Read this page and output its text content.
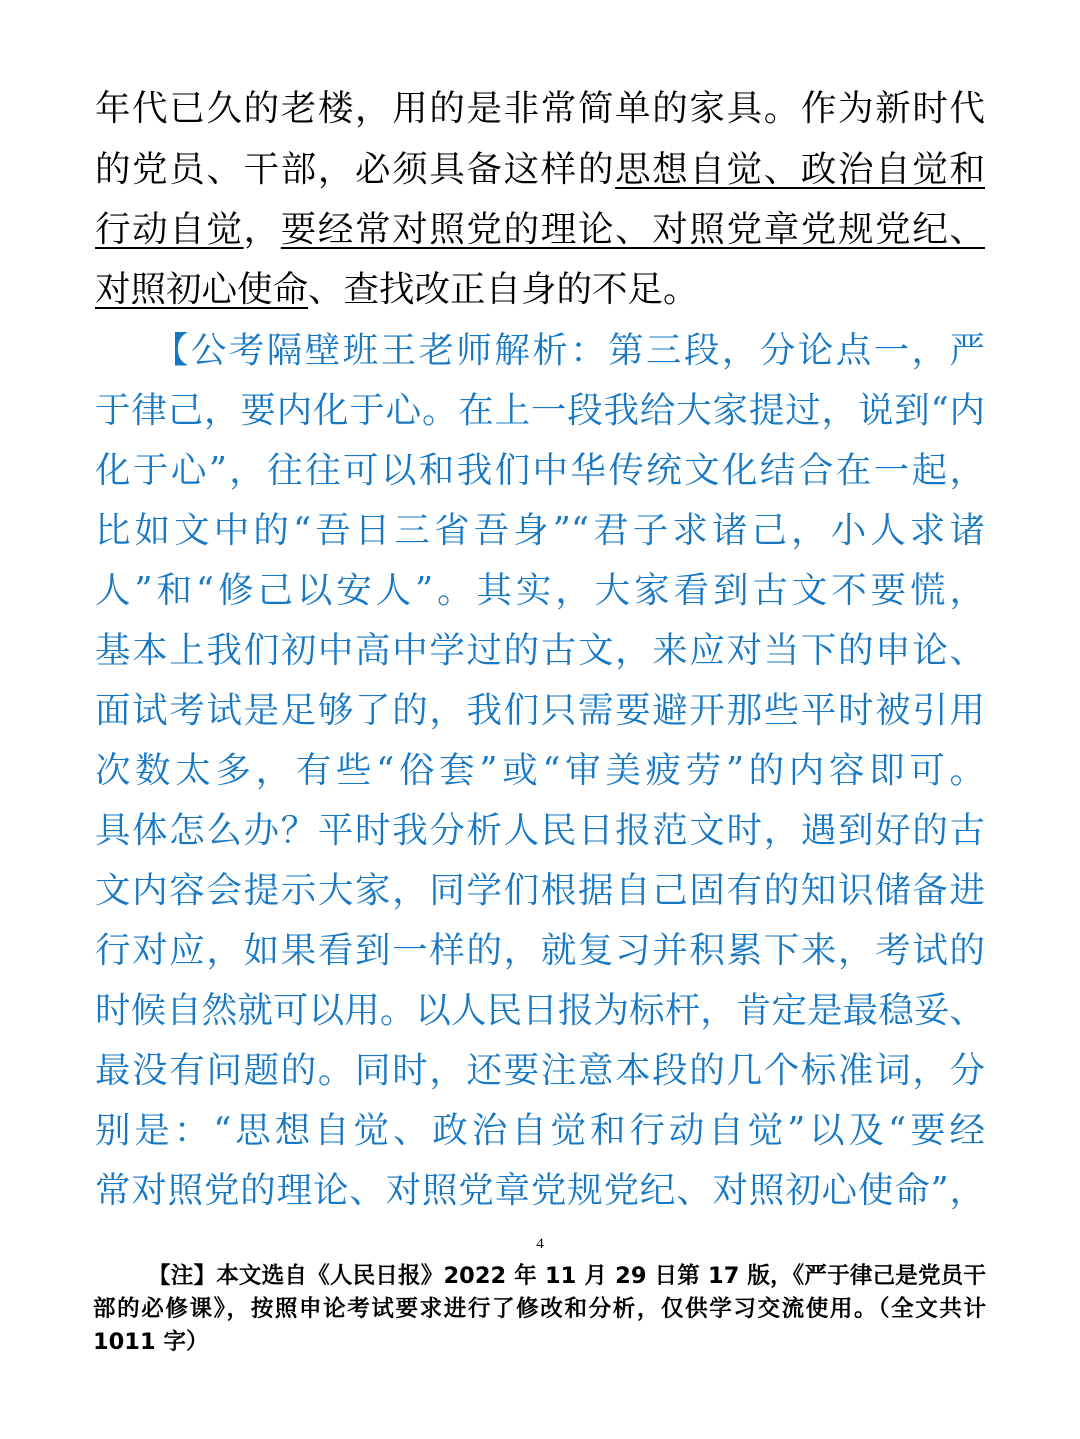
年代已久的老楼，用的是非常简单的家具。作为新时代
的党员、干部，必须具备这样的思想自觉、政治自觉和
行动自觉，要经常对照党的理论、对照党章党规党纪、
对照初心使命、查找改正自身的不足。
【公考隔壁班王老师解析：第三段，分论点一，严
于律己，要内化于心。在上一段我给大家提过，说到“内
化于心”，往往可以和我们中华传统文化结合在一起，
比如文中的“吾日三省吾身”“君子求诸己，小人求诸
人”和“修己以安人”。其实，大家看到古文不要慌，
基本上我们初中高中学过的古文，来应对当下的申论、
面试考试是足够了的，我们只需要避开那些平时被引用
次数太多，有些“俗套”或“审美疲劳”的内容即可。
具体怎么办？平时我分析人民日报范文时，遇到好的古
文内容会提示大家，同学们根据自己固有的知识储备进
行对应，如果看到一样的，就复习并积累下来，考试的
时候自然就可以用。以人民日报为标杆，肯定是最稳妥、
最没有问题的。同时，还要注意本段的几个标准词，分
别是：“思想自觉、政治自觉和行动自觉”以及“要经
常对照党的理论、对照党章党规党纪、对照初心使命”，
4
【注】本文选自《人民日报》2022 年 11 月 29 日第 17 版，《严于律己是党员干
部的必修课》，按照申论考试要求进行了修改和分析，仅供学习交流使用。（全文共计
1011 字）
